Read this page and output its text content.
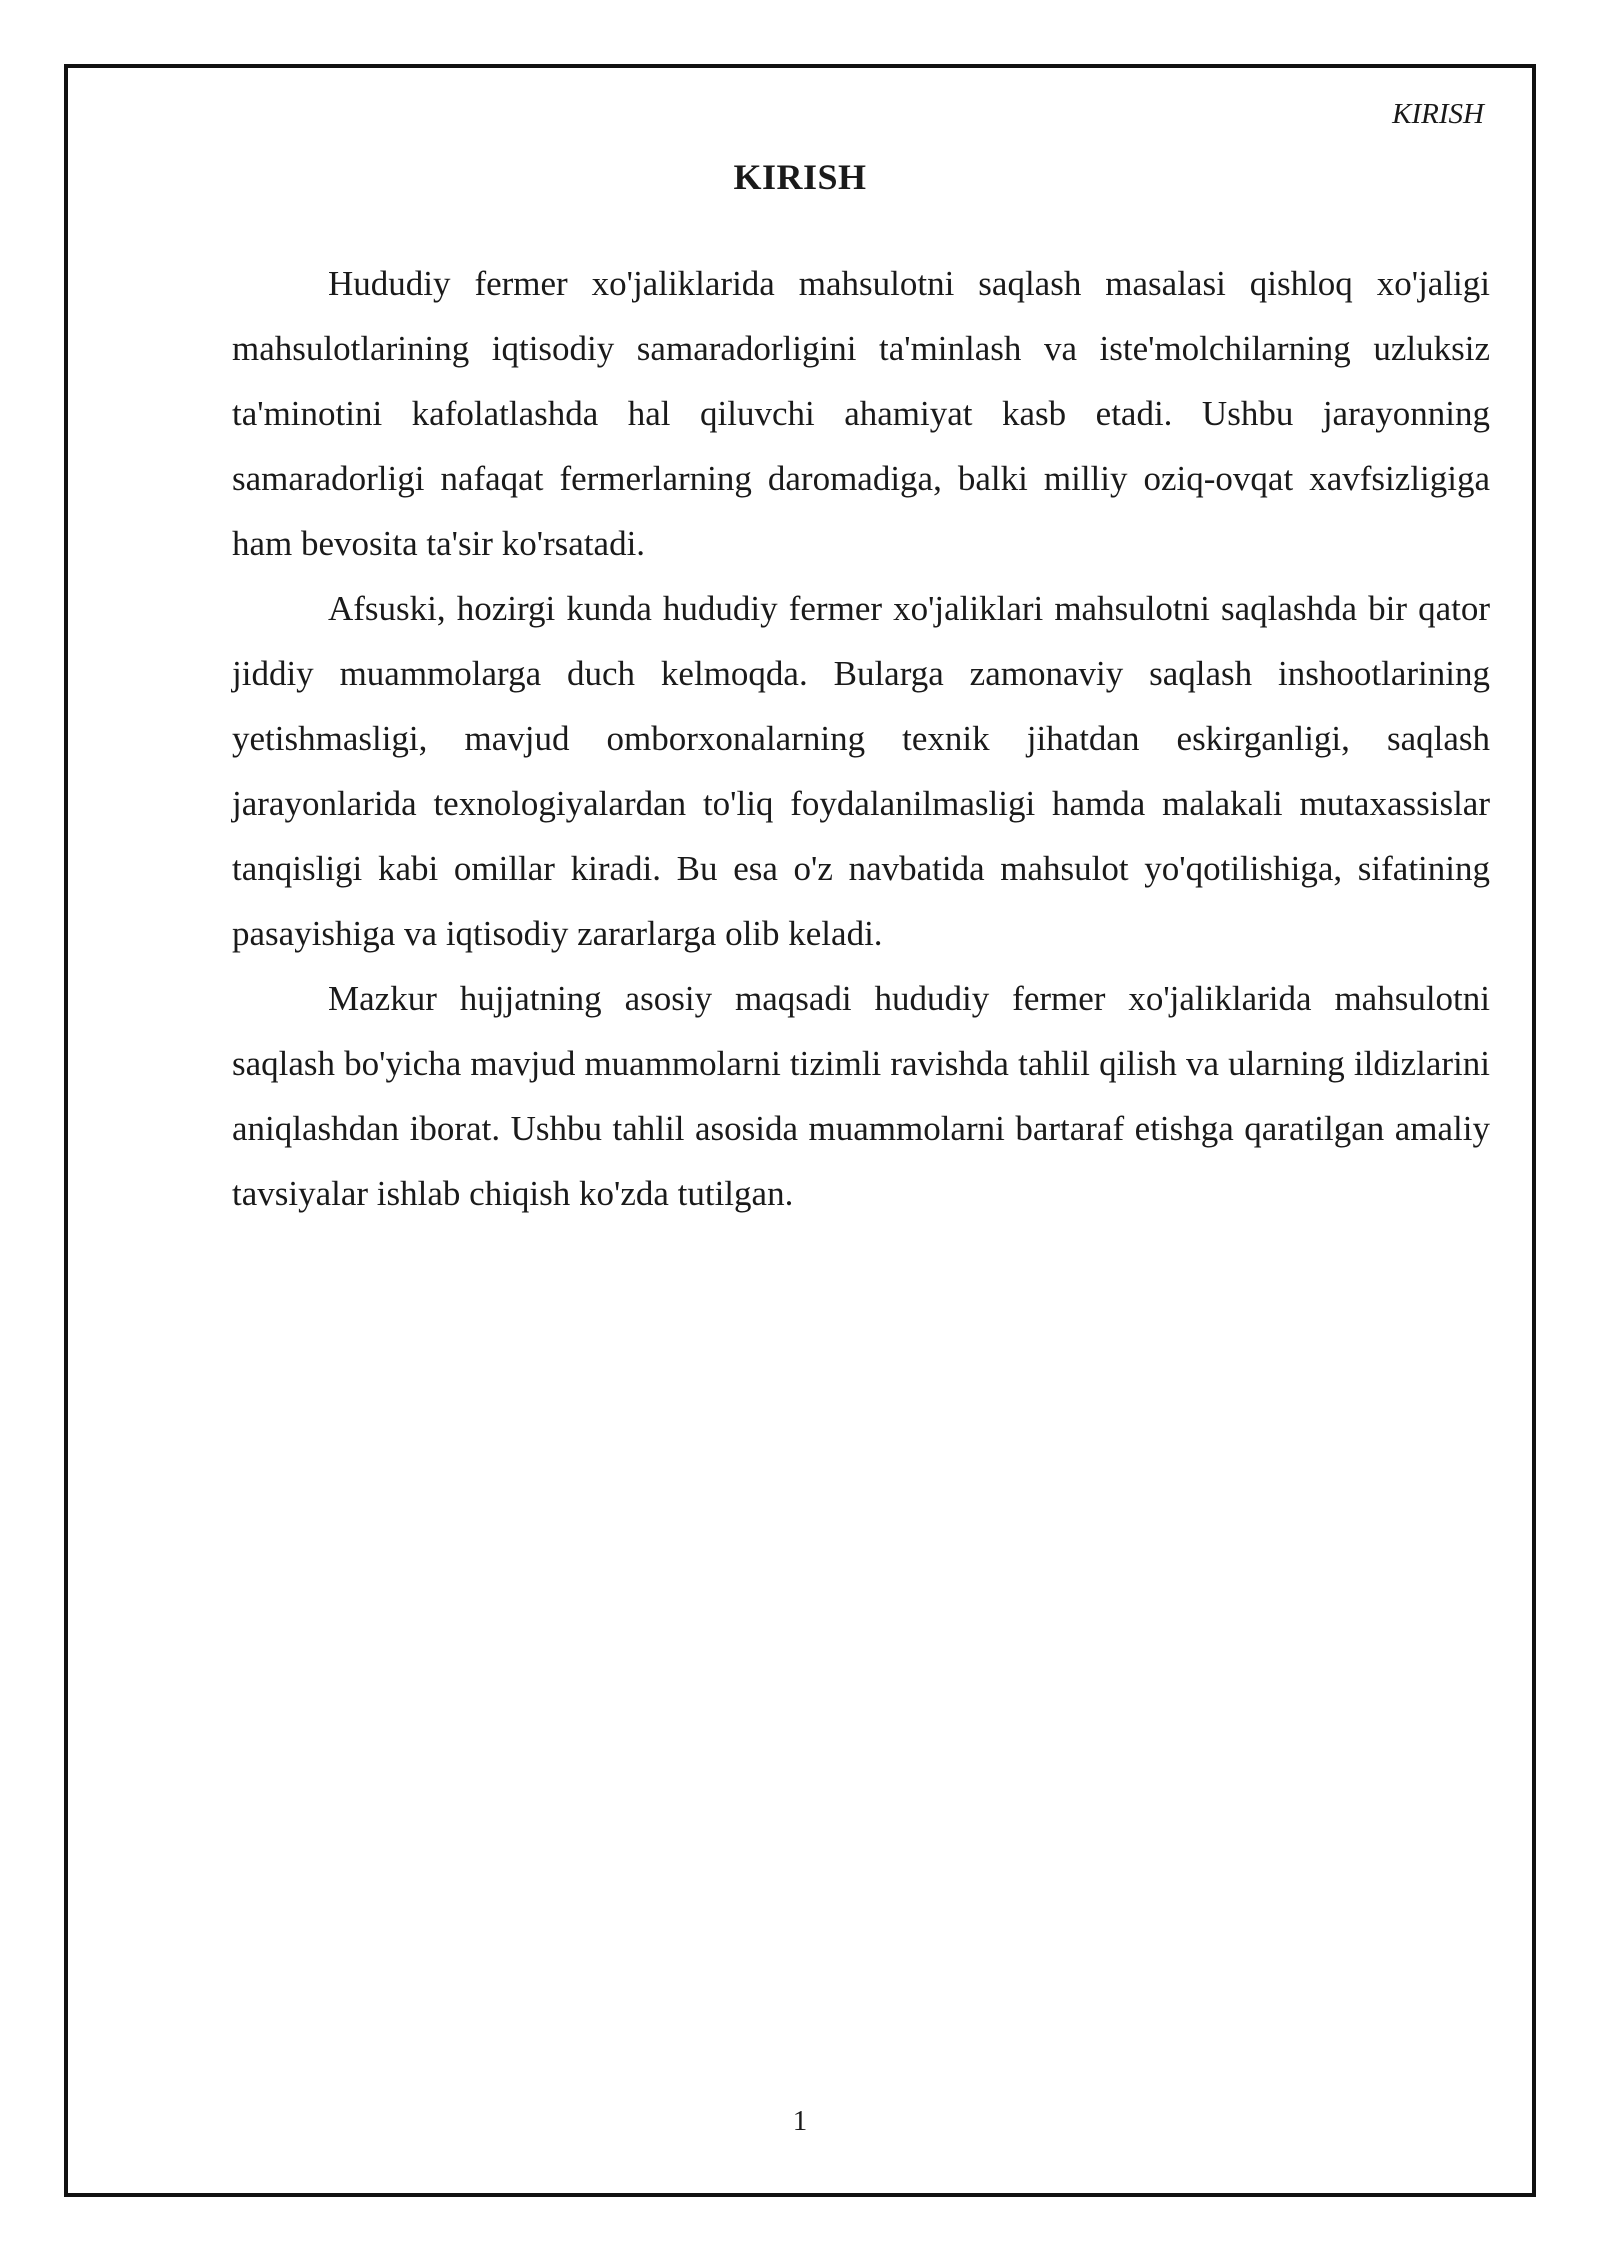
KIRISH
KIRISH

Hududiy fermer xo'jaliklarida mahsulotni saqlash masalasi qishloq xo'jaligi mahsulotlarining iqtisodiy samaradorligini ta'minlash va iste'molchilarning uzluksiz ta'minotini kafolatlashda hal qiluvchi ahamiyat kasb etadi. Ushbu jarayonning samaradorligi nafaqat fermerlarning daromadiga, balki milliy oziq-ovqat xavfsizligiga ham bevosita ta'sir ko'rsatadi.

Afsuski, hozirgi kunda hududiy fermer xo'jaliklari mahsulotni saqlashda bir qator jiddiy muammolarga duch kelmoqda. Bularga zamonaviy saqlash inshootlarining yetishmasligi, mavjud omborxonalarning texnik jihatdan eskirganligi, saqlash jarayonlarida texnologiyalardan to'liq foydalanilmasligi hamda malakali mutaxassislar tanqisligi kabi omillar kiradi. Bu esa o'z navbatida mahsulot yo'qotilishiga, sifatining pasayishiga va iqtisodiy zararlarga olib keladi.

Mazkur hujjatning asosiy maqsadi hududiy fermer xo'jaliklarida mahsulotni saqlash bo'yicha mavjud muammolarni tizimli ravishda tahlil qilish va ularning ildizlarini aniqlashdan iborat. Ushbu tahlil asosida muammolarni bartaraf etishga qaratilgan amaliy tavsiyalar ishlab chiqish ko'zda tutilgan.

1
